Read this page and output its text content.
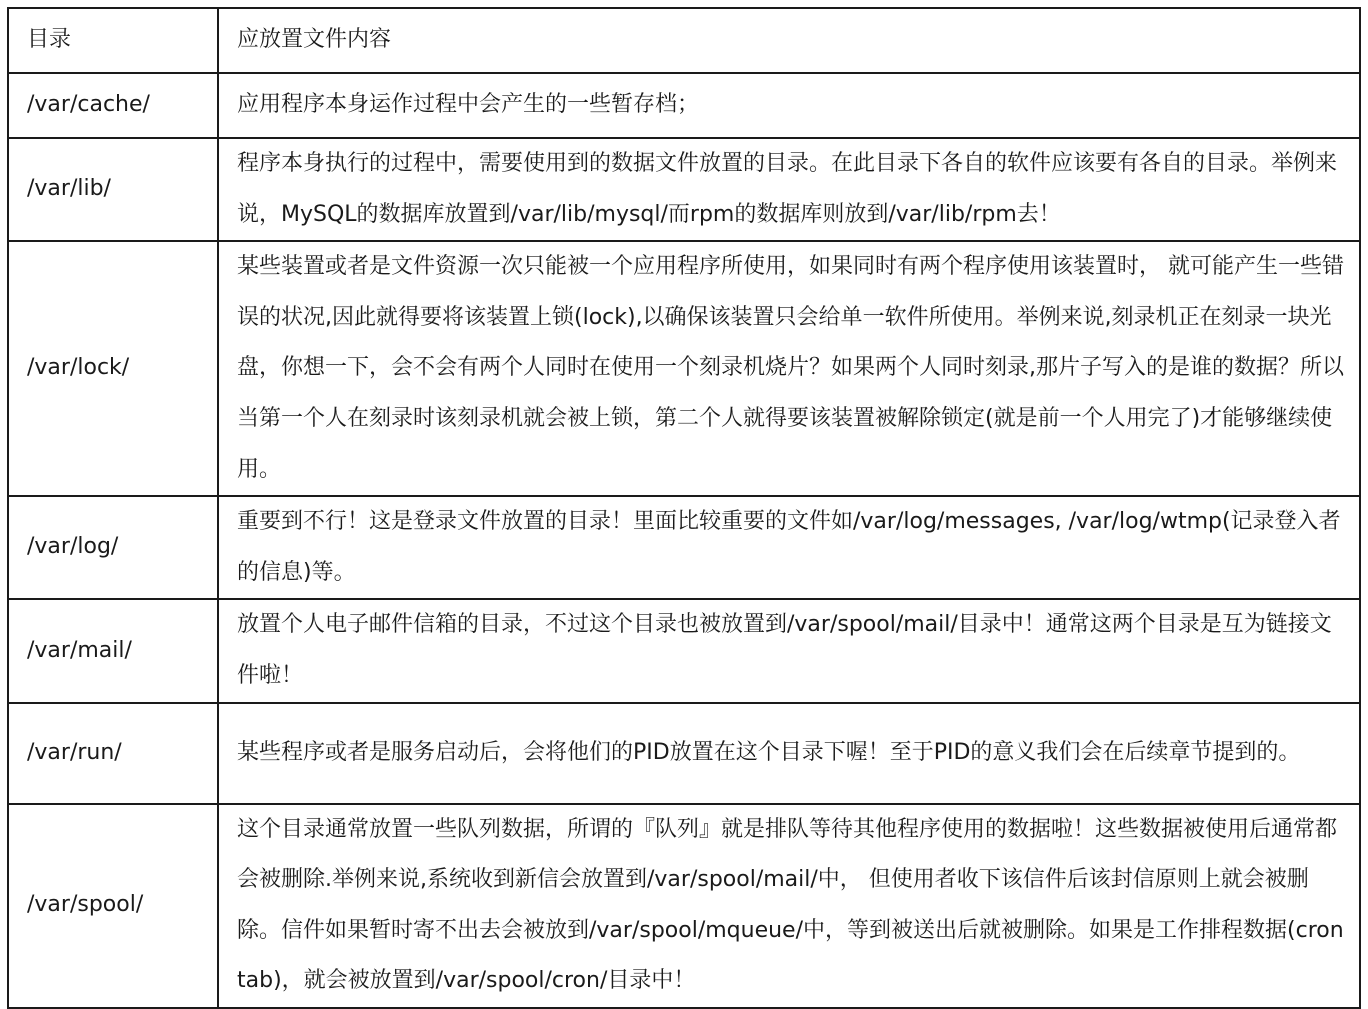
目录	应放置文件内容
/var/cache/	应用程序本身运作过程中会产生的一些暂存档；
/var/lib/	程序本身执行的过程中，需要使用到的数据文件放置的目录。在此目录下各自的软件应该要有各自的目录。举例来说，MySQL的数据库放置到/var/lib/mysql/而rpm的数据库则放到/var/lib/rpm去！
/var/lock/	某些装置或者是文件资源一次只能被一个应用程序所使用，如果同时有两个程序使用该装置时， 就可能产生一些错误的状况,因此就得要将该装置上锁(lock),以确保该装置只会给单一软件所使用。举例来说,刻录机正在刻录一块光盘，你想一下，会不会有两个人同时在使用一个刻录机烧片？如果两个人同时刻录,那片子写入的是谁的数据？所以当第一个人在刻录时该刻录机就会被上锁，第二个人就得要该装置被解除锁定(就是前一个人用完了)才能够继续使用。
/var/log/	重要到不行！这是登录文件放置的目录！里面比较重要的文件如/var/log/messages, /var/log/wtmp(记录登入者的信息)等。
/var/mail/	放置个人电子邮件信箱的目录，不过这个目录也被放置到/var/spool/mail/目录中！通常这两个目录是互为链接文件啦！
/var/run/	某些程序或者是服务启动后，会将他们的PID放置在这个目录下喔！至于PID的意义我们会在后续章节提到的。
/var/spool/	这个目录通常放置一些队列数据，所谓的『队列』就是排队等待其他程序使用的数据啦！这些数据被使用后通常都会被删除.举例来说,系统收到新信会放置到/var/spool/mail/中， 但使用者收下该信件后该封信原则上就会被删除。信件如果暂时寄不出去会被放到/var/spool/mqueue/中，等到被送出后就被删除。如果是工作排程数据(crontab)，就会被放置到/var/spool/cron/目录中！
